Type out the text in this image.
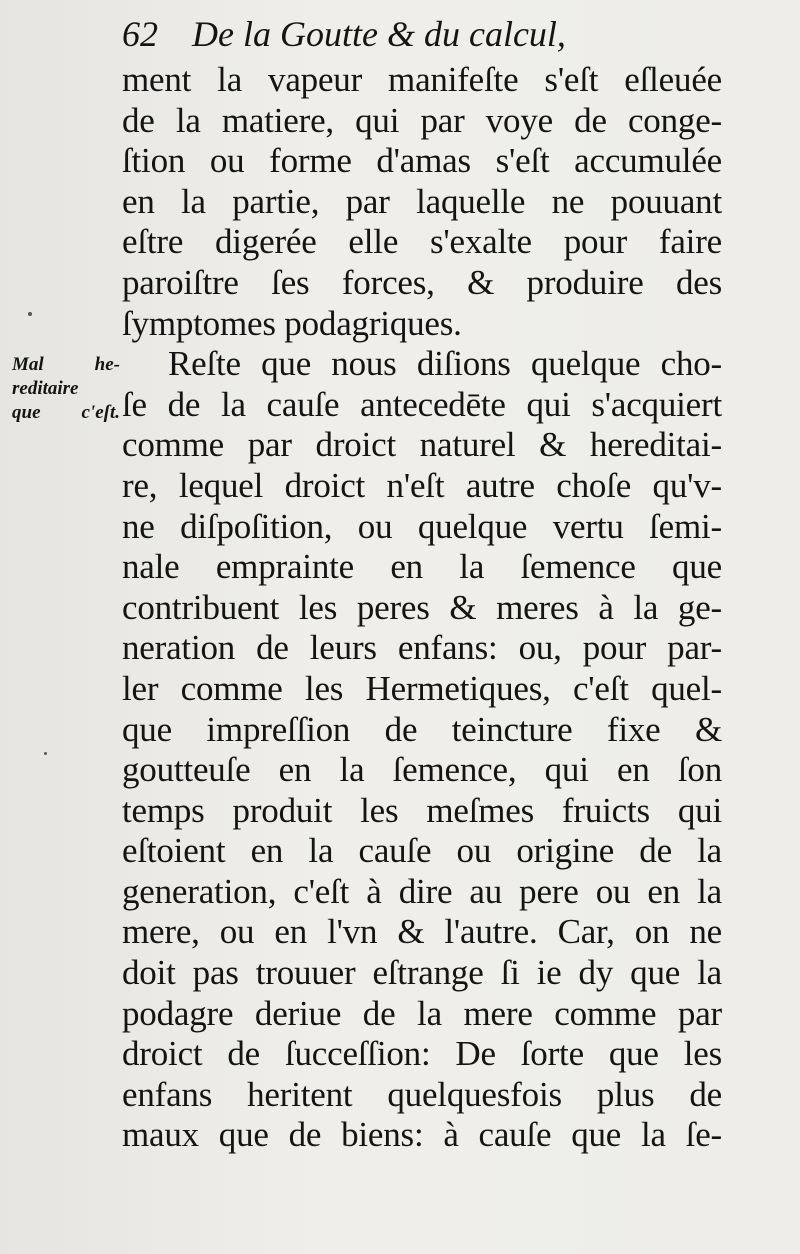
62 De la Goutte & du calcul,
Mal he-
reditaire
que c'eſt.
ment la vapeur manifeſte s'eſt eſleuée
de la matiere, qui par voye de conge-
ſtion ou forme d'amas s'eſt accumulée
en la partie, par laquelle ne pouuant
eſtre digerée elle s'exalte pour faire
paroiſtre ſes forces, & produire des
ſymptomes podagriques.
Reſte que nous diſions quelque cho-
ſe de la cauſe antecedēte qui s'acquiert
comme par droict naturel & hereditai-
re, lequel droict n'eſt autre choſe qu'v-
ne diſpoſition, ou quelque vertu ſemi-
nale emprainte en la ſemence que
contribuent les peres & meres à la ge-
neration de leurs enfans: ou, pour par-
ler comme les Hermetiques, c'eſt quel-
que impreſſion de teincture fixe &
goutteuſe en la ſemence, qui en ſon
temps produit les meſmes fruicts qui
eſtoient en la cauſe ou origine de la
generation, c'eſt à dire au pere ou en la
mere, ou en l'vn & l'autre. Car, on ne
doit pas trouuer eſtrange ſi ie dy que la
podagre deriue de la mere comme par
droict de ſucceſſion: De ſorte que les
enfans heritent quelquesfois plus de
maux que de biens: à cauſe que la ſe-
